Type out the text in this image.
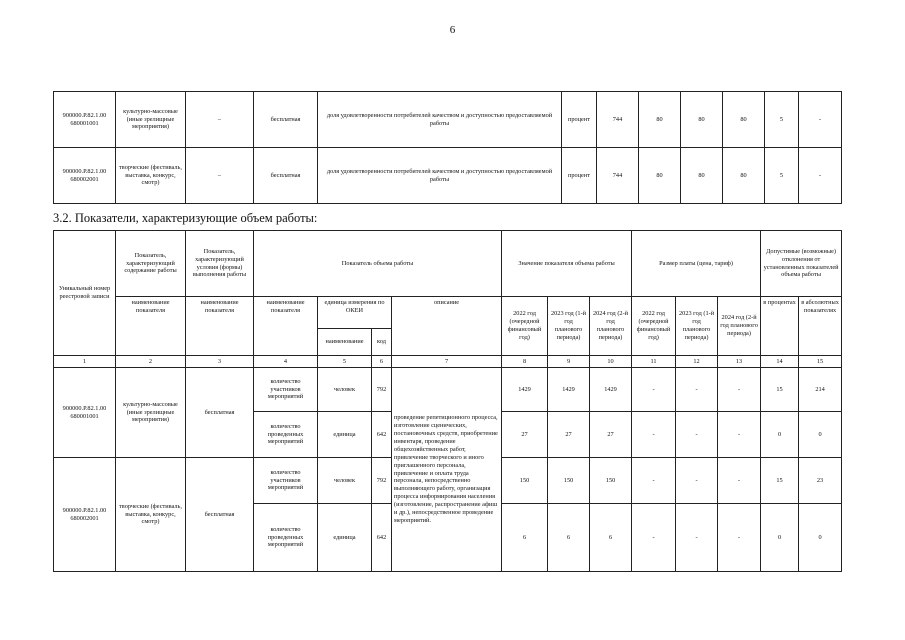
6
900000.Р.82.1.00 680001001	культурно-массовые (иные зрелищные мероприятия)	–	бесплатная	доля удовлетворенности потребителей качеством и доступностью предоставляемой работы	процент	744	80	80	80	5	-
900000.Р.82.1.00 680002001	творческие (фестиваль, выставка, конкурс, смотр)	–	бесплатная	доля удовлетворенности потребителей качеством и доступностью предоставляемой работы	процент	744	80	80	80	5	-
3.2. Показатели, характеризующие объем работы:
Уникальный номер реестровой записи	Показатель, характеризующий содержание работы	Показатель, характеризующий условия (формы) выполнения работы	Показатель объема работы				Значение показателя объема работы			Размер платы (цена, тариф)			Допустимые (возможные) отклонения от установленных показателей объема работы	
	наименование показателя	наименование показателя	наименование показателя	единица измерения по ОКЕИ		описание	2022 год (очередной финансовый год)	2023 год (1-й год планового периода)	2024 год (2-й год планового периода)	2022 год (очередной финансовый год)	2023 год (1-й год планового периода)	2024 год (2-й год планового периода)	в процентах	в абсолютных показателях
				наименование	код									
1	2	3	4	5	6	7	8	9	10	11	12	13	14	15
900000.Р.82.1.00 680001001	культурно-массовые (иные зрелищные мероприятия)	бесплатная	количество участников мероприятий	человек	792	проведение репетиционного процесса, изготовление сценических, постановочных средств, приобретение инвентаря, проведение общехозяйственных работ, привлечение творческого и иного приглашенного персонала, привлечение и оплата труда персонала, непосредственно выполняющего работу, организация процесса информирования населения (изготовление, распространение афиш и др.), непосредственное проведение мероприятий.	1429	1429	1429	-	-	-	15	214
			количество проведенных мероприятий	единица	642		27	27	27	-	-	-	0	0
900000.Р.82.1.00 680002001	творческие (фестиваль, выставка, конкурс, смотр)	бесплатная	количество участников мероприятий	человек	792		150	150	150	-	-	-	15	23
			количество проведенных мероприятий	единица	642		6	6	6	-	-	-	0	0
